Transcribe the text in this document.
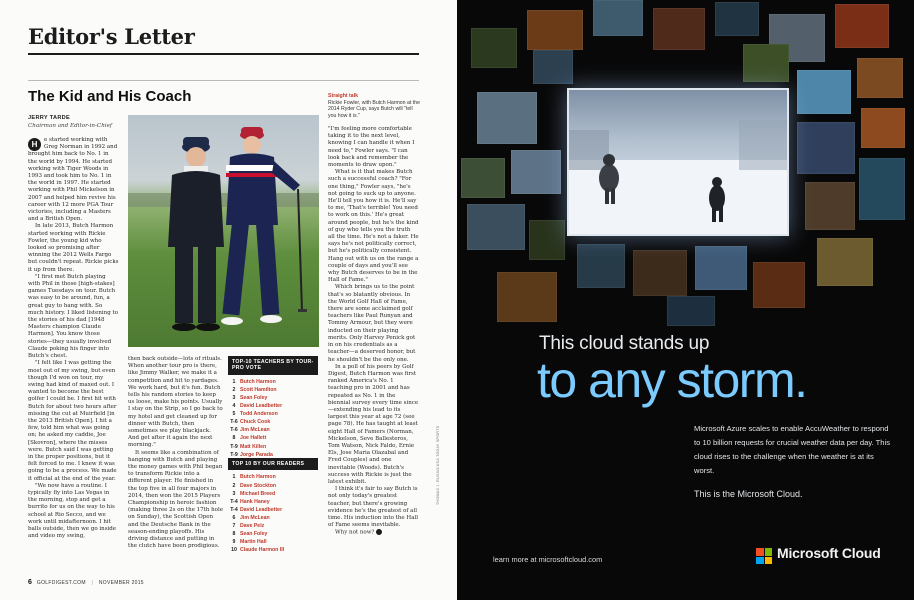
Editor's Letter
The Kid and His Coach
JERRY TARDE
Chairman and Editor-in-Chief

H	e started working with Greg Norman in 1992 and brought him back to No. 1 in the world by 1994. He started working with Tiger Woods in 1993 and took him to No. 1 in the world in 1997. He started working with Phil Mickelson in 2007 and helped him revive his career with 12 more PGA Tour victories, including a Masters and a British Open.

In late 2013, Butch Harmon started working with Rickie Fowler, the young kid who looked so promising after winning the 2012 Wells Fargo but couldn't repeat. Rickie picks it up from there.

"I first met Butch playing with Phil in those [high-stakes] games Tuesdays on tour. Butch was easy to be around, fun, a great guy to hang with. So much history. I liked listening to the stories of his dad [1948 Masters champion Claude Harmon]. You know those stories—they usually involved Claude poking his finger into Butch's chest.

"I felt like I was getting the most out of my swing, but even though I'd won on tour, my swing had kind of maxed out. I wanted to become the best golfer I could be. I first hit with Butch for about two hours after missing the cut at Muirfield [in the 2013 British Open]. I hit a few, told him what was going on; he asked my caddie, Joe [Skovron], where the misses were. Butch said I was getting in the proper positions, but it felt forced to me. I knew it was going to be a process. We made it official at the end of the year.

"We now have a routine. I typically fly into Las Vegas in the morning, stop and get a burrito for us on the way to his school at Rio Secco, and we work until midafternoon. I hit balls outside, then we go inside and video my swing,

Straight talk
Rickie Fowler, with Butch Harmon at the 2014 Ryder Cup, says Butch will "tell you how it is."

then back outside—lots of rituals. When another tour pro is there, like Jimmy Walker, we make it a competition and hit to yardages. We work hard, but it's fun. Butch tells his random stories to keep us loose, make his points. Usually I stay on the Strip, so I go back to my hotel and get cleaned up for dinner with Butch, then sometimes we play blackjack. And get after it again the next morning."

It seems like a combination of hanging with Butch and playing the money games with Phil began to transform Rickie into a different player. He finished in the top five in all four majors in 2014, then won the 2015 Players Championship in heroic fashion (making three 2s on the 17th hole on Sunday), the Scottish Open and the Deutsche Bank in the season-ending playoffs. His driving distance and putting in the clutch have been prodigious.

TOP-10 TEACHERS BY TOUR-PRO VOTE
1 Butch Harmon
2 Scott Hamilton
3 Sean Foley
4 David Leadbetter
5 Todd Anderson
T-6 Chuck Cook
T-6 Jim McLean
8 Joe Hallett
T-9 Matt Killen
T-9 Jorge Parada
TOP 10 BY OUR READERS
1 Butch Harmon
2 Dave Stockton
3 Michael Breed
T-4 Hank Haney
T-4 David Leadbetter
6 Jim McLean
7 Dave Pelz
8 Sean Foley
9 Martin Hall
10 Claude Harmon III

"I'm feeling more comfortable taking it to the next level, knowing I can handle it when I need to," Fowler says. "I can look back and remember the moments to draw upon."

What is it that makes Butch such a successful coach? "For one thing," Fowler says, "he's not going to suck up to anyone. He'll tell you how it is. He'll say to me, 'That's terrible! You need to work on this.' He's great around people, but he's the kind of guy who tells you the truth all the time. He's not a faker. He says he's not politically correct, but he's politically consistent. Hang out with us on the range a couple of days and you'll see why Butch deserves to be in the Hall of Fame."

Which brings us to the point that's so blatantly obvious. In the World Golf Hall of Fame, there are some acclaimed golf teachers like Paul Runyan and Tommy Armour, but they were inducted on their playing merits. Only Harvey Penick got in on his credentials as a teacher—a deserved honor, but he shouldn't be the only one.

In a poll of his peers by Golf Digest, Butch Harmon was first ranked America's No. 1 teaching pro in 2001 and has repeated as No. 1 in the biennial survey every time since—extending his lead to its largest this year at age 72 (see page 78). He has taught at least eight Hall of Famers (Norman, Mickelson, Seve Ballesteros, Tom Watson, Nick Faldo, Ernie Els, Jose Maria Olazabal and Fred Couples) and one inevitable (Woods). Butch's success with Rickie is just the latest exhibit.

I think it's fair to say Butch is not only today's greatest teacher, but there's growing evidence he's the greatest of all time. His induction into the Hall of Fame seems inevitable.

Why not now?

THOMAS J. RUSSO/USA TODAY SPORTS
6 GOLFDIGEST.COM | NOVEMBER 2015
This cloud stands up
to any storm.
Microsoft Azure scales to enable AccuWeather to respond to 10 billion requests for crucial weather data per day. This cloud rises to the challenge when the weather is at its worst.
This is the Microsoft Cloud.
learn more at microsoftcloud.com	Microsoft Cloud
